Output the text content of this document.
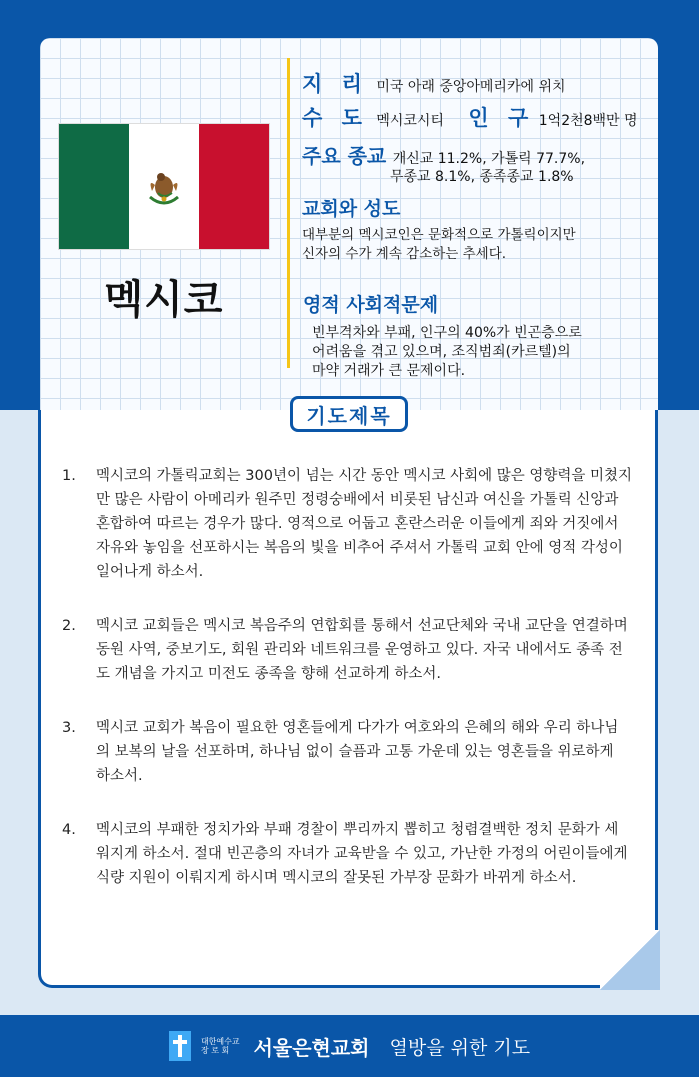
멕시코
지 리 미국 아래 중앙아메리카에 위치
수 도 멕시코시티 인 구 1억2천8백만 명
주요 종교 개신교 11.2%, 가톨릭 77.7%,
무종교 8.1%, 종족종교 1.8%
교회와 성도
대부분의 멕시코인은 문화적으로 가톨릭이지만
신자의 수가 계속 감소하는 추세다.
영적 사회적문제
빈부격차와 부패, 인구의 40%가 빈곤층으로
어려움을 겪고 있으며, 조직범죄(카르텔)의
마약 거래가 큰 문제이다.
기도제목
1.	멕시코의 가톨릭교회는 300년이 넘는 시간 동안 멕시코 사회에 많은 영향력을 미쳤지만 많은 사람이 아메리카 원주민 정령숭배에서 비롯된 남신과 여신을 가톨릭 신앙과 혼합하여 따르는 경우가 많다. 영적으로 어둡고 혼란스러운 이들에게 죄와 거짓에서 자유와 놓임을 선포하시는 복음의 빛을 비추어 주셔서 가톨릭 교회 안에 영적 각성이 일어나게 하소서.
2.	멕시코 교회들은 멕시코 복음주의 연합회를 통해서 선교단체와 국내 교단을 연결하며 동원 사역, 중보기도, 회원 관리와 네트워크를 운영하고 있다. 자국 내에서도 종족 전도 개념을 가지고 미전도 종족을 향해 선교하게 하소서.
3.	멕시코 교회가 복음이 필요한 영혼들에게 다가가 여호와의 은혜의 해와 우리 하나님의 보복의 날을 선포하며, 하나님 없이 슬픔과 고통 가운데 있는 영혼들을 위로하게 하소서.
4.	멕시코의 부패한 정치가와 부패 경찰이 뿌리까지 뽑히고 청렴결백한 정치 문화가 세워지게 하소서. 절대 빈곤층의 자녀가 교육받을 수 있고, 가난한 가정의 어린이들에게 식량 지원이 이뤄지게 하시며 멕시코의 잘못된 가부장 문화가 바뀌게 하소서.
대한예수교
장 로 회	서울은현교회 열방을 위한 기도
